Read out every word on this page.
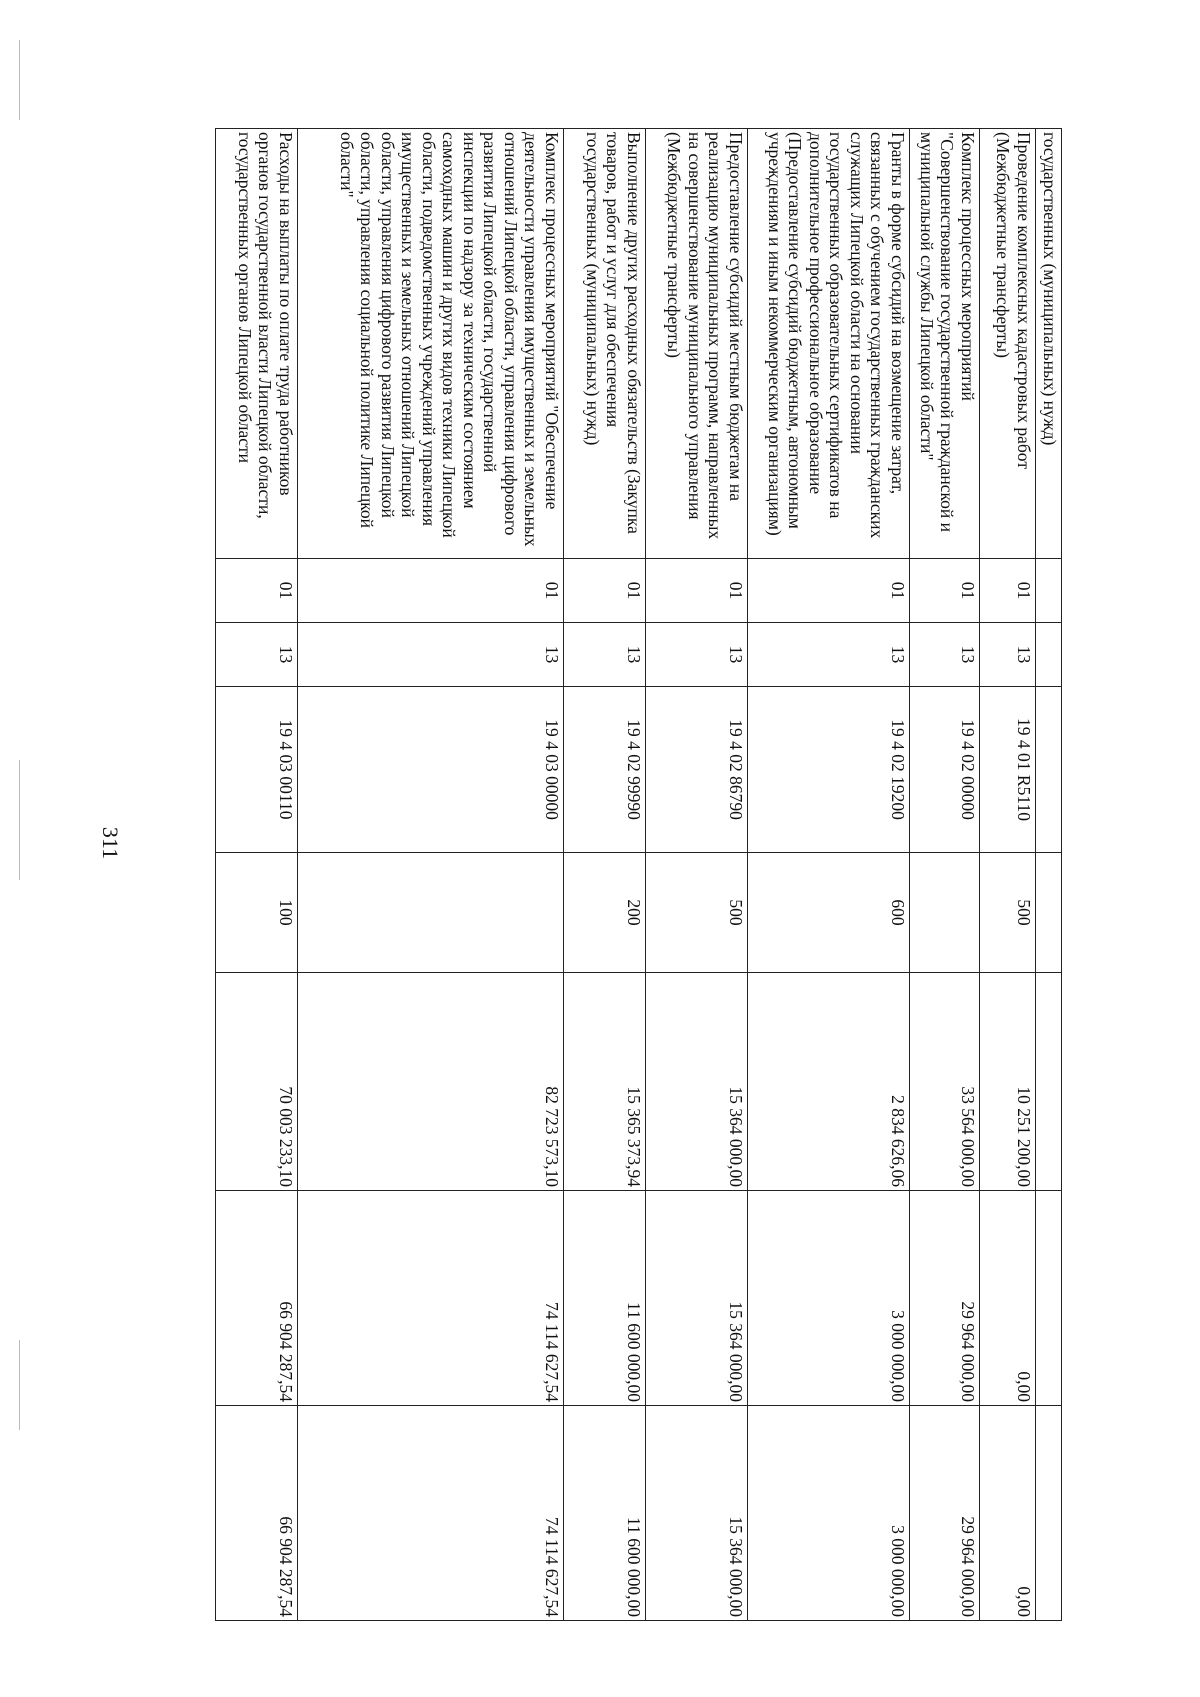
311
государственных (муниципальных) нужд)							
Проведение комплексных кадастровых работ (Межбюджетные трансферты)	01	13	19 4 01 R5110	500	10 251 200,00	0,00	0,00
Комплекс процессных мероприятий "Совершенствование государственной гражданской и муниципальной службы Липецкой области"	01	13	19 4 02 00000		33 564 000,00	29 964 000,00	29 964 000,00
Гранты в форме субсидий на возмещение затрат, связанных с обучением государственных гражданских служащих Липецкой области на основании государственных образовательных сертификатов на дополнительное профессиональное образование (Предоставление субсидий бюджетным, автономным учреждениям и иным некоммерческим организациям)	01	13	19 4 02 19200	600	2 834 626,06	3 000 000,00	3 000 000,00
Предоставление субсидий местным бюджетам на реализацию муниципальных программ, направленных на совершенствование муниципального управления (Межбюджетные трансферты)	01	13	19 4 02 86790	500	15 364 000,00	15 364 000,00	15 364 000,00
Выполнение других расходных обязательств (Закупка товаров, работ и услуг для обеспечения государственных (муниципальных) нужд)	01	13	19 4 02 99990	200	15 365 373,94	11 600 000,00	11 600 000,00
Комплекс процессных мероприятий "Обеспечение деятельности управления имущественных и земельных отношений Липецкой области, управления цифрового развития Липецкой области, государственной инспекции по надзору за техническим состоянием самоходных машин и других видов техники Липецкой области, подведомственных учреждений управления имущественных и земельных отношений Липецкой области, управления цифрового развития Липецкой области, управления социальной политике Липецкой области"	01	13	19 4 03 00000		82 723 573,10	74 114 627,54	74 114 627,54
Расходы на выплаты по оплате труда работников органов государственной власти Липецкой области, государственных органов Липецкой области	01	13	19 4 03 00110	100	70 003 233,10	66 904 287,54	66 904 287,54
